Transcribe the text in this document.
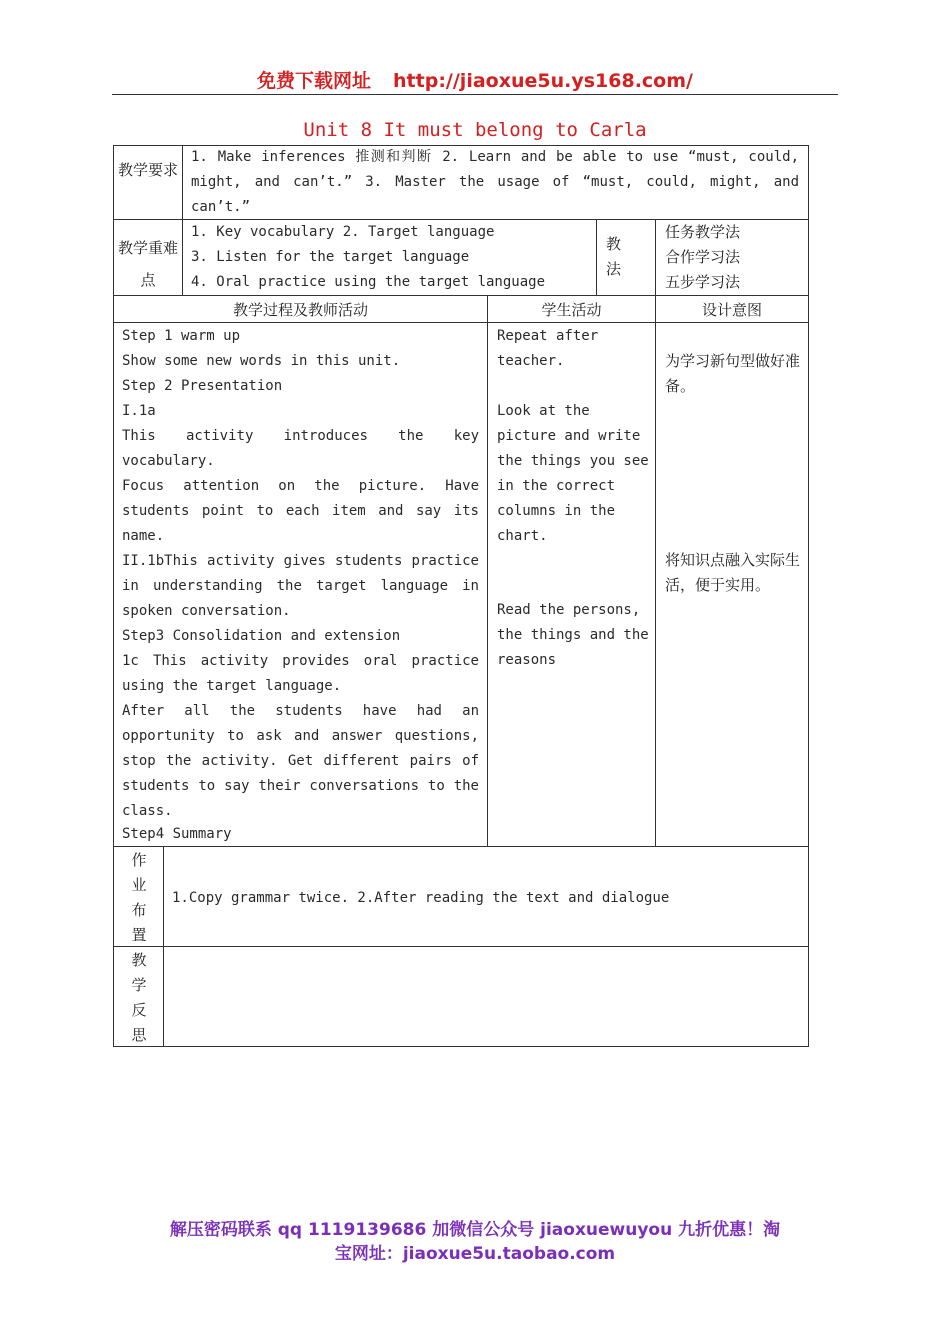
免费下载网址 http://jiaoxue5u.ys168.com/
Unit 8 It must belong to Carla
教学要求
1. Make inferences 推测和判断 2. Learn and be able to use “must, could, might, and can’t.” 3. Master the usage of “must, could, might, and can’t.”
教学重难点
1. Key vocabulary 2. Target language
3. Listen for the target language
4. Oral practice using the target language
教法
任务教学法
合作学习法
五步学习法
教学过程及教师活动	学生活动	设计意图
Step 1 warm up
Show some new words in this unit.
Step 2 Presentation
I.1a
This activity introduces the key vocabulary.
Focus attention on the picture. Have students point to each item and say its name.
II.1bThis activity gives students practice in understanding the target language in spoken conversation.
Step3 Consolidation and extension
1c This activity provides oral practice using the target language.
After all the students have had an opportunity to ask and answer questions, stop the activity. Get different pairs of students to say their conversations to the class.
Step4 Summary
Repeat after teacher.
Look at the picture and write the things you see in the correct columns in the chart.
Read the persons, the things and the reasons
为学习新句型做好准备。
将知识点融入实际生活，便于实用。
作业布置
1.Copy grammar twice. 2.After reading the text and dialogue
教学反思
解压密码联系 qq 1119139686 加微信公众号 jiaoxuewuyou 九折优惠！淘
宝网址：jiaoxue5u.taobao.com
